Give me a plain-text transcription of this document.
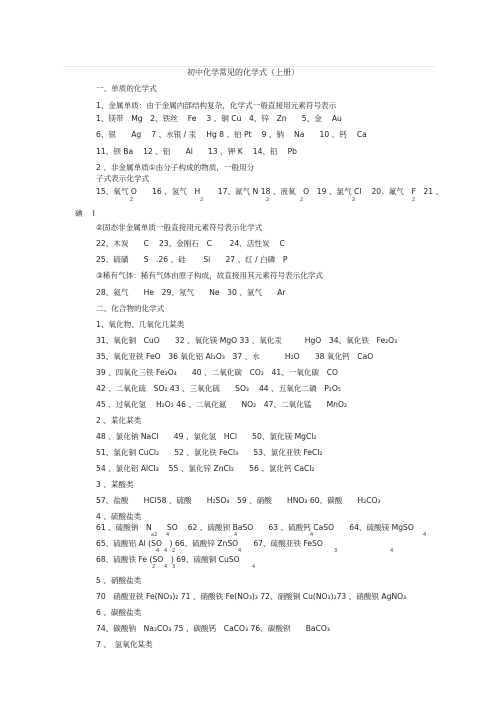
初中化学常见的化学式（上册）
一、单质的化学式
1、金属单质：由于金属内部结构复杂，化学式一般直接用元素符号表示
1、镁带　Mg　2、铁丝　 Fe　 3 、铜 Cu　4、锌　Zn　　5、金　 Au
6、银　　Ag　 7 、水银 / 汞　 Hg 8 、铂 Pt　 9 、钠　 Na　　10 、钙　 Ca
11、钡 Ba　 12 、铝　　Al　　13 、钾 K　 14、铅　 Pb
2 、非金属单质①由分子构成的物质，一般用分
子式表示化学式
15、氧气 O　　16 、氢气　H　　 17、氮气 N 18 、液氧　O　19 、氯气 Cl　 20、氟气　F　21 、
2	2	2	2	2	2
碘　 I
②固态非金属单质一般直接用元素符号表示化学式
22、木炭　　C　 23、金刚石　C　　 24、活性炭　 C
25、硫磺　　S　.26 、硅　　 Si　　27 、红 / 白磷　P
③稀有气体：稀有气体由原子构成，故直接用其元素符号表示化学式
28、氦气　　He　29、氖气　　Ne　30 、氩气　　Ar
二、化合物的化学式
1、氧化物、几氧化几某类
31、氧化铜　CuO　　32 、氧化镁 MgO 33 、氧化汞　　　HgO　34、氧化铁　Fe₂O₃
35、氧化亚铁 FeO　36 氧化铝 Al₂O₃　37 、水　　　 H₂O　　38 氧化钙　CaO
39 、四氧化三铁 Fe₃O₄　　40 、二氧化碳　CO₂　41、一氧化碳　CO
42 、二氧化硫　SO₂ 43 、三氧化硫　　SO₃　 44 、五氧化二磷　P₂O₅
45 、过氧化氢　 H₂O₂ 46 、二氧化氮　　NO₂　47、二氧化锰　　MnO₂
2 、某化某类
48 、氯化钠 NaCl　　49 、氯化氢　HCl　　50、氯化镁 MgCl₂
51、氯化铜 CuCl₂　　52 、氯化铁 FeCl₃　　53、氯化亚铁 FeCl₂
54 、氯化铝 AlCl₃　 55 、氯化锌 ZnCl₂　　56 、氯化钙 CaCl₂
3 、某酸类
57、盐酸　　HCl58 、硫酸　　H₂SO₄　59 、硝酸　　HNO₃ 60、碳酸　　H₂CO₃
4 、硫酸盐类
61 、硫酸钠　N　　SO　 62 、硫酸钡 BaSO　　63 、硫酸钙 CaSO　　64、硫酸镁 MgSO
a2 4	4	4	4
65、硫酸铝 Al (SO　) 66、硫酸锌 ZnSO　　67、硫酸亚铁 FeSO
4 4 2	4	3	4
68、硫酸铁 Fe (SO　) 69、硫酸铜 CuSO
2 4 3	4
5 、硝酸盐类
70　硝酸亚铁 Fe(NO₃)₂ 71 、硝酸铁 Fe(NO₃)₃ 72、硝酸铜 Cu(NO₃)₂73 、硝酸银 AgNO₃
6 、碳酸盐类
74、碳酸钠　Na₂CO₃ 75 、碳酸钙　CaCO₃ 76、碳酸钡　　BaCO₃
7 、　氢氧化某类
